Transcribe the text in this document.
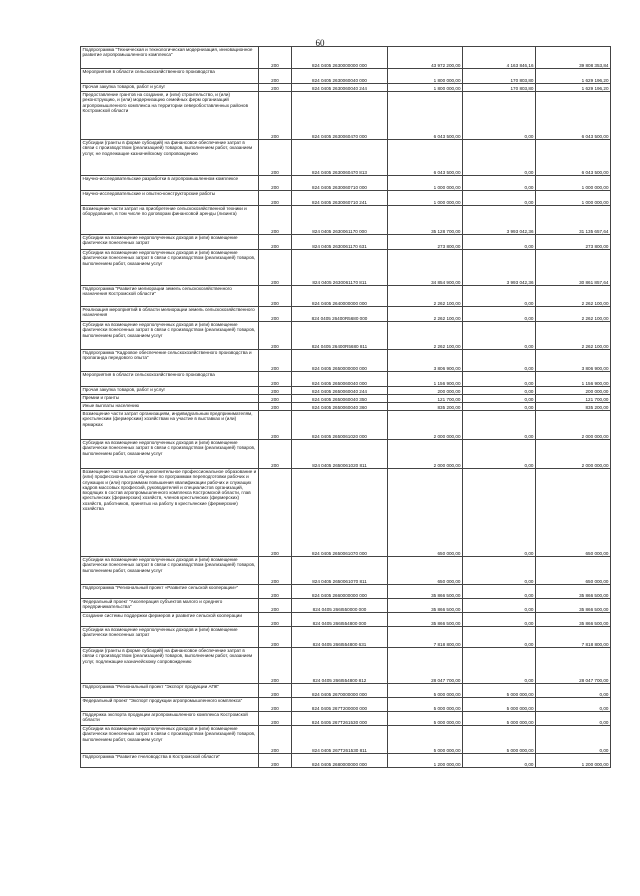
60
Подпрограмма "Техническая и технологическая модернизация, инновационное развитие агропромышленного комплекса"	200	824 0405 2630000000 000	43 972 200,00	4 163 846,16	39 808 353,84
Мероприятия в области сельскохозяйственного производства	200	824 0405 2630060040 000	1 800 000,00	170 803,80	1 629 196,20
Прочая закупка товаров, работ и услуг	200	824 0405 2630060040 244	1 800 000,00	170 803,80	1 629 196,20
Предоставление грантов на создание, и (или) строительство, и (или) реконструкцию, и (или) модернизацию семейных ферм организаций агропромышленного комплекса на территории северобоставленных районов Костромской области	200	824 0405 2630060470 000	6 043 500,00	0,00	6 043 500,00
Субсидии (гранты в форме субсидий) на финансовое обеспечение затрат в связи с производством (реализацией) товаров, выполнением работ, оказанием услуг, не подлежащие казначейскому сопровождению	200	824 0405 2630060470 813	6 043 500,00	0,00	6 043 500,00
Научно-исследовательские разработки в агропромышленном комплексе	200	824 0405 2630060710 000	1 000 000,00	0,00	1 000 000,00
Научно-исследовательские и опытно-конструкторские работы	200	824 0405 2630060710 241	1 000 000,00	0,00	1 000 000,00
Возмещение части затрат на приобретение сельскохозяйственной техники и оборудования, в том числе по договорам финансовой аренды (лизинга)	200	824 0405 2630061170 000	35 128 700,00	3 993 042,36	31 135 657,64
Субсидии на возмещение недополученных доходов и (или) возмещение фактически понесенных затрат	200	824 0405 2630061170 631	273 800,00	0,00	273 800,00
Субсидии на возмещение недополученных доходов и (или) возмещение фактически понесенных затрат в связи с производством (реализацией) товаров, выполнением работ, оказанием услуг	200	824 0405 2630061170 811	34 854 900,00	3 993 042,36	30 861 857,64
Подпрограмма "Развитие мелиорации земель сельскохозяйственного назначения Костромской области"	200	824 0405 2640000000 000	2 262 100,00	0,00	2 262 100,00
Реализация мероприятий в области мелиорации земель сельскохозяйственного назначения	200	824 0405 26400R5680 000	2 262 100,00	0,00	2 262 100,00
Субсидии на возмещение недополученных доходов и (или) возмещение фактически понесенных затрат в связи с производством (реализацией) товаров, выполнением работ, оказанием услуг	200	824 0405 26400R5680 811	2 262 100,00	0,00	2 262 100,00
Подпрограмма "Кадровое обеспечение сельскохозяйственного производства и пропаганда передового опыта"	200	824 0405 2650000000 000	3 806 900,00	0,00	3 806 900,00
Мероприятия в области сельскохозяйственного производства	200	824 0405 2650060040 000	1 156 900,00	0,00	1 156 900,00
Прочая закупка товаров, работ и услуг	200	824 0405 2650060040 244	200 000,00	0,00	200 000,00
Премии и гранты	200	824 0405 2650060040 350	121 700,00	0,00	121 700,00
Иные выплаты населению	200	824 0405 2650060040 360	835 200,00	0,00	835 200,00
Возмещение части затрат организациям, индивидуальным предпринимателям, крестьянским (фермерским) хозяйствам на участие в выставках и (или) ярмарках	200	824 0405 2650061020 000	2 000 000,00	0,00	2 000 000,00
Субсидии на возмещение недополученных доходов и (или) возмещение фактически понесенных затрат в связи с производством (реализацией) товаров, выполнением работ, оказанием услуг	200	824 0405 2650061020 811	2 000 000,00	0,00	2 000 000,00
Возмещение части затрат на дополнительное профессиональное образование и (или) профессиональное обучение по программам переподготовки рабочих и служащих и (или) программам повышения квалификации рабочих и служащих кадров массовых профессий, руководителей и специалистов организаций, входящих в состав агропромышленного комплекса Костромской области, глав крестьянских (фермерских) хозяйств, членов крестьянских (фермерских) хозяйств, работников, принятых на работу в крестьянские (фермерские) хозяйства	200	824 0405 2650061070 000	650 000,00	0,00	650 000,00
Субсидии на возмещение недополученных доходов и (или) возмещение фактически понесенных затрат в связи с производством (реализацией) товаров, выполнением работ, оказанием услуг	200	824 0405 2650061070 811	650 000,00	0,00	650 000,00
Подпрограмма "Региональный проект «Развитие сельской кооперации»"	200	824 0405 2660000000 000	35 866 500,00	0,00	35 866 500,00
Федеральный проект "Акселерация субъектов малого и среднего предпринимательства"	200	824 0405 266I550000 000	35 866 500,00	0,00	35 866 500,00
Создание системы поддержки фермеров и развитие сельской кооперации	200	824 0405 266I554800 000	35 866 500,00	0,00	35 866 500,00
Субсидии на возмещение недополученных доходов и (или) возмещение фактически понесенных затрат	200	824 0405 266I554800 631	7 818 800,00	0,00	7 818 800,00
Субсидии (гранты в форме субсидий) на финансовое обеспечение затрат в связи с производством (реализацией) товаров, выполнением работ, оказанием услуг, подлежащие казначейскому сопровождению	200	824 0405 266I554800 812	28 047 700,00	0,00	28 047 700,00
Подпрограмма "Региональный проект "Экспорт продукции АПК"	200	824 0405 2670000000 000	5 000 000,00	5 000 000,00	0,00
Федеральный проект "Экспорт продукции агропромышленного комплекса"	200	824 0405 267T200000 000	5 000 000,00	5 000 000,00	0,00
Поддержка экспорта продукции агропромышленного комплекса Костромской области	200	824 0405 267T261530 000	5 000 000,00	5 000 000,00	0,00
Субсидии на возмещение недополученных доходов и (или) возмещение фактически понесенных затрат в связи с производством (реализацией) товаров, выполнением работ, оказанием услуг	200	824 0405 267T261530 811	5 000 000,00	5 000 000,00	0,00
Подпрограмма "Развитие пчеловодства в Костромской области"	200	824 0405 2680000000 000	1 200 000,00	0,00	1 200 000,00
